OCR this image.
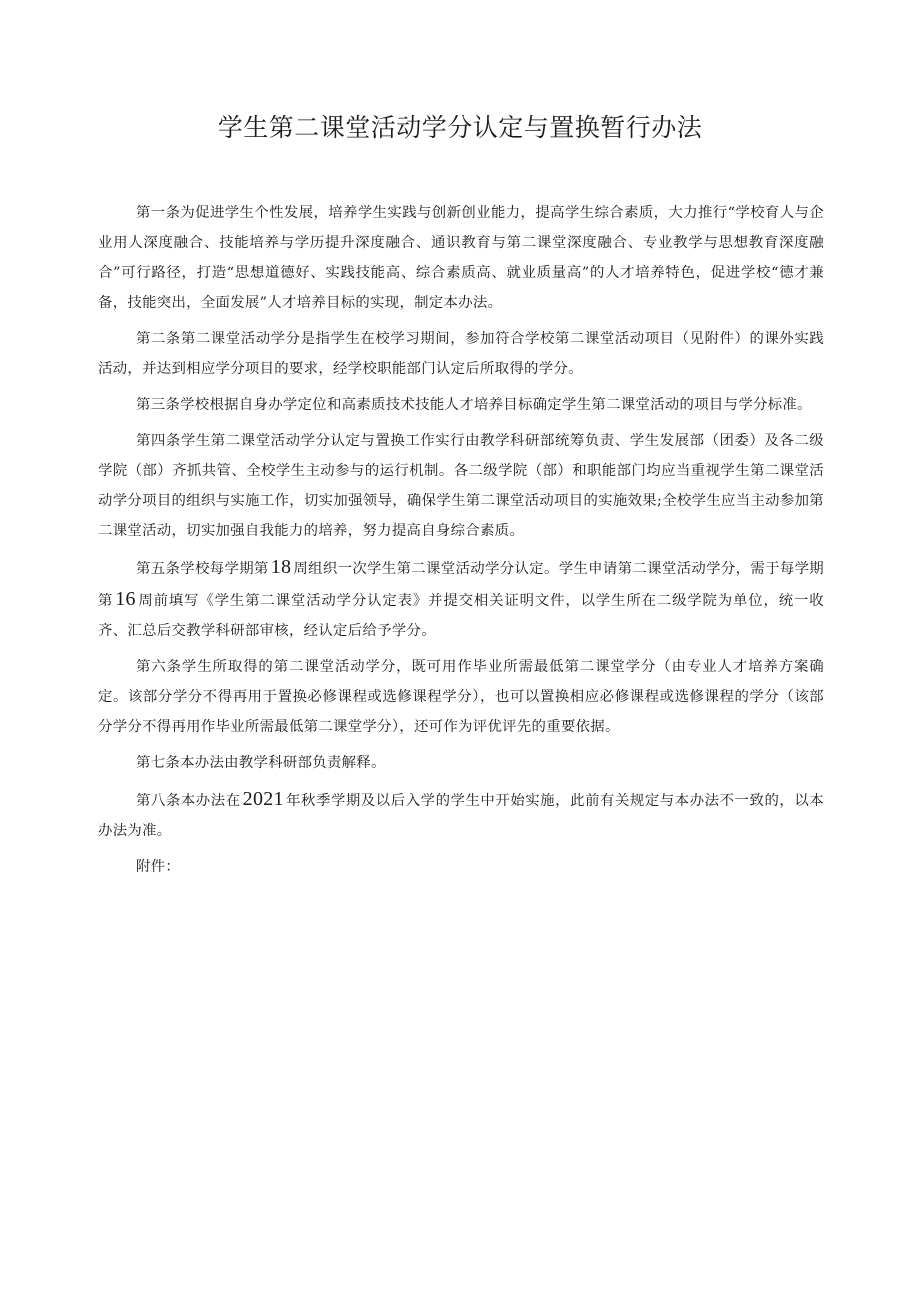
学生第二课堂活动学分认定与置换暂行办法

第一条为促进学生个性发展，培养学生实践与创新创业能力，提高学生综合素质，大力推行“学校育人与企业用人深度融合、技能培养与学历提升深度融合、通识教育与第二课堂深度融合、专业教学与思想教育深度融合”可行路径，打造“思想道德好、实践技能高、综合素质高、就业质量高”的人才培养特色，促进学校“德才兼备，技能突出，全面发展”人才培养目标的实现，制定本办法。

第二条第二课堂活动学分是指学生在校学习期间，参加符合学校第二课堂活动项目（见附件）的课外实践活动，并达到相应学分项目的要求，经学校职能部门认定后所取得的学分。

第三条学校根据自身办学定位和高素质技术技能人才培养目标确定学生第二课堂活动的项目与学分标准。

第四条学生第二课堂活动学分认定与置换工作实行由教学科研部统筹负责、学生发展部（团委）及各二级学院（部）齐抓共管、全校学生主动参与的运行机制。各二级学院（部）和职能部门均应当重视学生第二课堂活动学分项目的组织与实施工作，切实加强领导，确保学生第二课堂活动项目的实施效果;全校学生应当主动参加第二课堂活动，切实加强自我能力的培养，努力提高自身综合素质。

第五条学校每学期第 18 周组织一次学生第二课堂活动学分认定。学生申请第二课堂活动学分，需于每学期第 16 周前填写《学生第二课堂活动学分认定表》并提交相关证明文件，以学生所在二级学院为单位，统一收齐、汇总后交教学科研部审核，经认定后给予学分。

第六条学生所取得的第二课堂活动学分，既可用作毕业所需最低第二课堂学分（由专业人才培养方案确定。该部分学分不得再用于置换必修课程或选修课程学分），也可以置换相应必修课程或选修课程的学分（该部分学分不得再用作毕业所需最低第二课堂学分），还可作为评优评先的重要依据。

第七条本办法由教学科研部负责解释。

第八条本办法在 2021 年秋季学期及以后入学的学生中开始实施，此前有关规定与本办法不一致的，以本办法为准。

附件：
